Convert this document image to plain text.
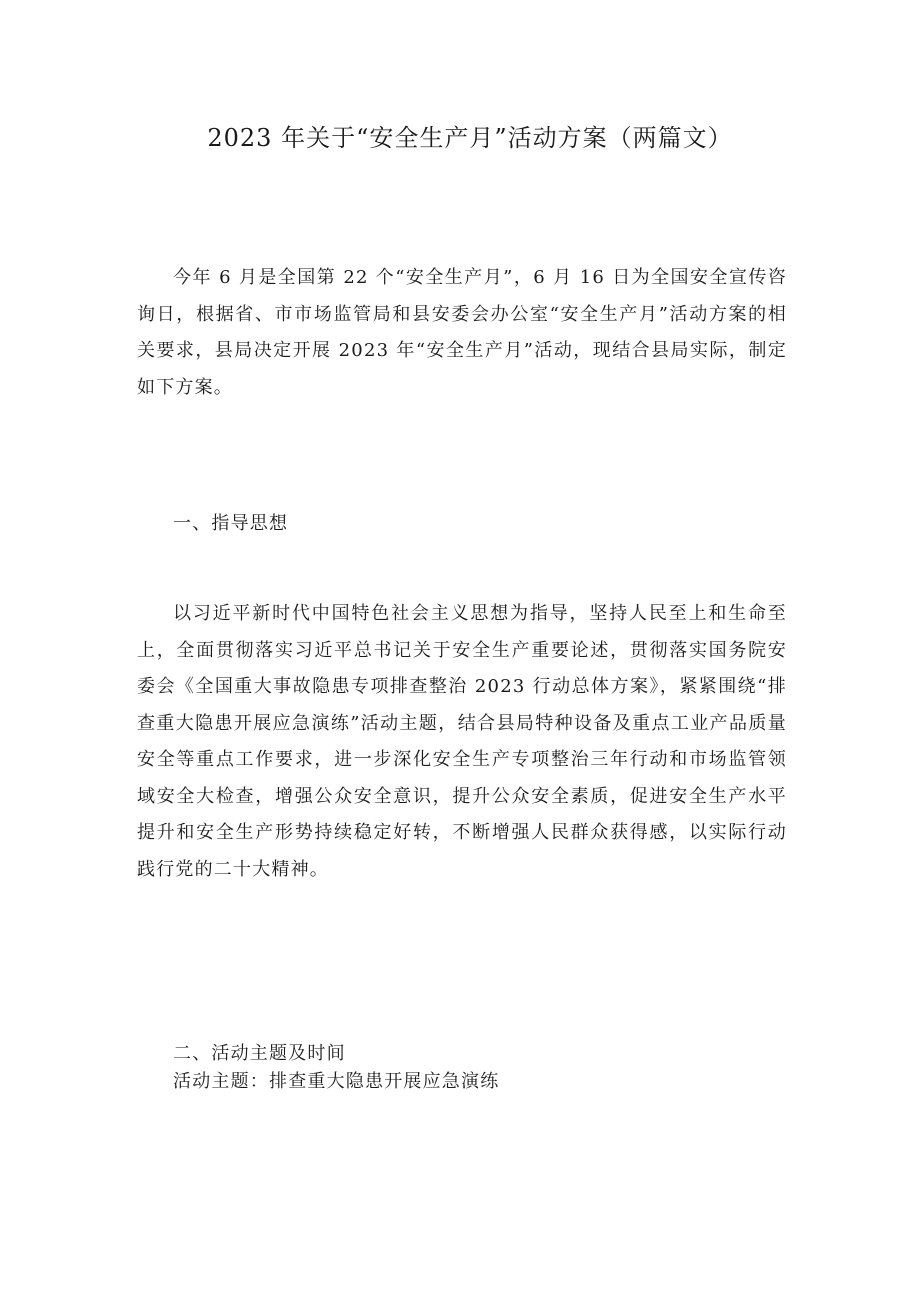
2023 年关于“安全生产月”活动方案（两篇文）

今年 6 月是全国第 22 个“安全生产月”，6 月 16 日为全国安全宣传咨询日，根据省、市市场监管局和县安委会办公室“安全生产月”活动方案的相关要求，县局决定开展 2023 年“安全生产月”活动，现结合县局实际，制定如下方案。

一、指导思想

以习近平新时代中国特色社会主义思想为指导，坚持人民至上和生命至上，全面贯彻落实习近平总书记关于安全生产重要论述，贯彻落实国务院安委会《全国重大事故隐患专项排查整治 2023 行动总体方案》，紧紧围绕“排查重大隐患开展应急演练”活动主题，结合县局特种设备及重点工业产品质量安全等重点工作要求，进一步深化安全生产专项整治三年行动和市场监管领域安全大检查，增强公众安全意识，提升公众安全素质，促进安全生产水平提升和安全生产形势持续稳定好转，不断增强人民群众获得感，以实际行动践行党的二十大精神。

二、活动主题及时间

活动主题：排查重大隐患开展应急演练
